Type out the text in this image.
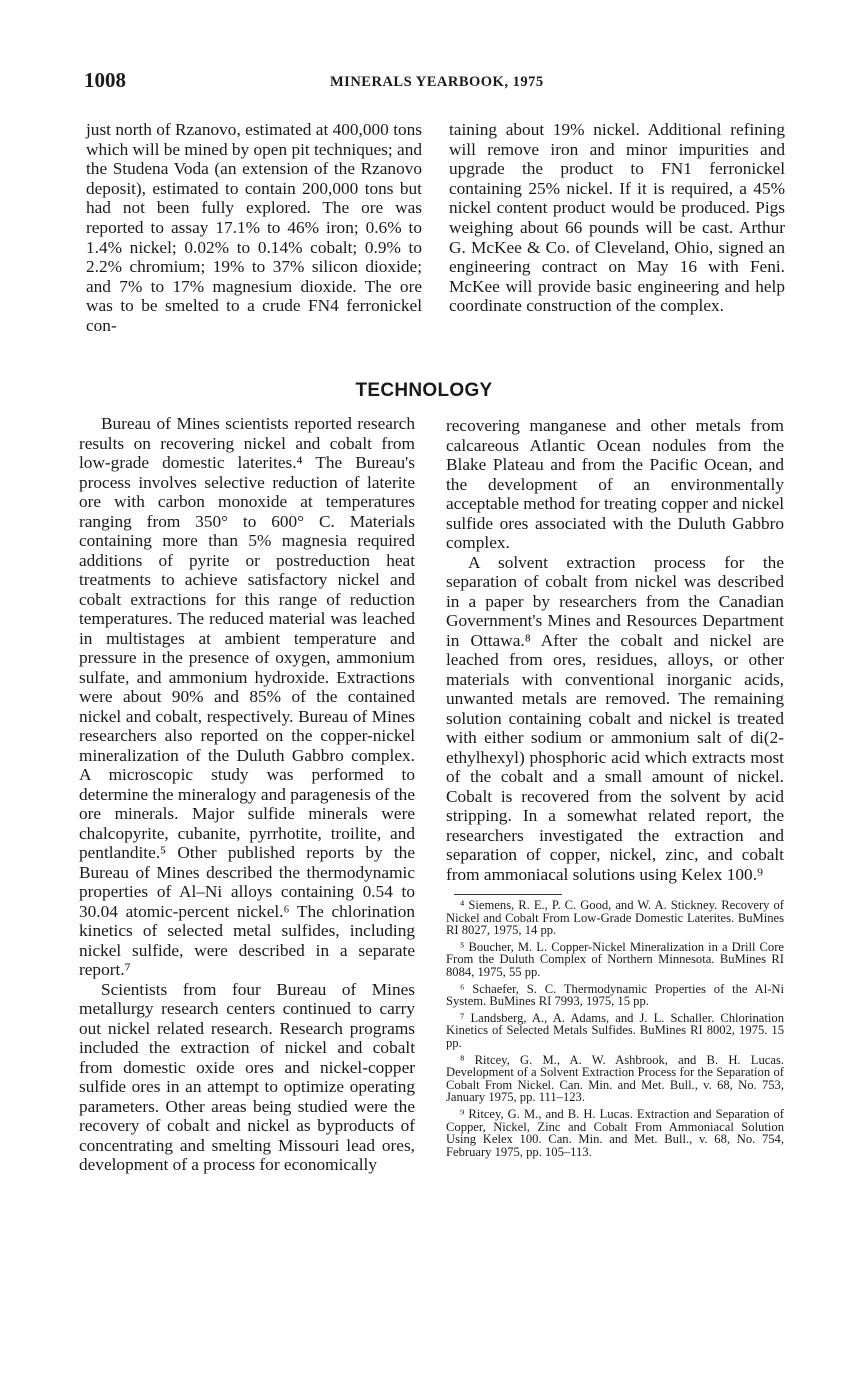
1008	MINERALS YEARBOOK, 1975

just north of Rzanovo, estimated at 400,000 tons which will be mined by open pit techniques; and the Studena Voda (an extension of the Rzanovo deposit), estimated to contain 200,000 tons but had not been fully explored. The ore was reported to assay 17.1% to 46% iron; 0.6% to 1.4% nickel; 0.02% to 0.14% cobalt; 0.9% to 2.2% chromium; 19% to 37% silicon dioxide; and 7% to 17% magnesium dioxide. The ore was to be smelted to a crude FN4 ferronickel con-

taining about 19% nickel. Additional refining will remove iron and minor impurities and upgrade the product to FN1 ferronickel containing 25% nickel. If it is required, a 45% nickel content product would be produced. Pigs weighing about 66 pounds will be cast. Arthur G. McKee & Co. of Cleveland, Ohio, signed an engineering contract on May 16 with Feni. McKee will provide basic engineering and help coordinate construction of the complex.

TECHNOLOGY

Bureau of Mines scientists reported research results on recovering nickel and cobalt from low-grade domestic laterites.⁴ The Bureau's process involves selective reduction of laterite ore with carbon monoxide at temperatures ranging from 350° to 600° C. Materials containing more than 5% magnesia required additions of pyrite or postreduction heat treatments to achieve satisfactory nickel and cobalt extractions for this range of reduction temperatures. The reduced material was leached in multistages at ambient temperature and pressure in the presence of oxygen, ammonium sulfate, and ammonium hydroxide. Extractions were about 90% and 85% of the contained nickel and cobalt, respectively. Bureau of Mines researchers also reported on the copper-nickel mineralization of the Duluth Gabbro complex. A microscopic study was performed to determine the mineralogy and paragenesis of the ore minerals. Major sulfide minerals were chalcopyrite, cubanite, pyrrhotite, troilite, and pentlandite.⁵ Other published reports by the Bureau of Mines described the thermodynamic properties of Al–Ni alloys containing 0.54 to 30.04 atomic-percent nickel.⁶ The chlorination kinetics of selected metal sulfides, including nickel sulfide, were described in a separate report.⁷

Scientists from four Bureau of Mines metallurgy research centers continued to carry out nickel related research. Research programs included the extraction of nickel and cobalt from domestic oxide ores and nickel-copper sulfide ores in an attempt to optimize operating parameters. Other areas being studied were the recovery of cobalt and nickel as byproducts of concentrating and smelting Missouri lead ores, development of a process for economically

recovering manganese and other metals from calcareous Atlantic Ocean nodules from the Blake Plateau and from the Pacific Ocean, and the development of an environmentally acceptable method for treating copper and nickel sulfide ores associated with the Duluth Gabbro complex.

A solvent extraction process for the separation of cobalt from nickel was described in a paper by researchers from the Canadian Government's Mines and Resources Department in Ottawa.⁸ After the cobalt and nickel are leached from ores, residues, alloys, or other materials with conventional inorganic acids, unwanted metals are removed. The remaining solution containing cobalt and nickel is treated with either sodium or ammonium salt of di(2-ethylhexyl) phosphoric acid which extracts most of the cobalt and a small amount of nickel. Cobalt is recovered from the solvent by acid stripping. In a somewhat related report, the researchers investigated the extraction and separation of copper, nickel, zinc, and cobalt from ammoniacal solutions using Kelex 100.⁹

⁴ Siemens, R. E., P. C. Good, and W. A. Stickney. Recovery of Nickel and Cobalt From Low-Grade Domestic Laterites. BuMines RI 8027, 1975, 14 pp.

⁵ Boucher, M. L. Copper-Nickel Mineralization in a Drill Core From the Duluth Complex of Northern Minnesota. BuMines RI 8084, 1975, 55 pp.

⁶ Schaefer, S. C. Thermodynamic Properties of the Al-Ni System. BuMines RI 7993, 1975, 15 pp.

⁷ Landsberg, A., A. Adams, and J. L. Schaller. Chlorination Kinetics of Selected Metals Sulfides. BuMines RI 8002, 1975. 15 pp.

⁸ Ritcey, G. M., A. W. Ashbrook, and B. H. Lucas. Development of a Solvent Extraction Process for the Separation of Cobalt From Nickel. Can. Min. and Met. Bull., v. 68, No. 753, January 1975, pp. 111–123.

⁹ Ritcey, G. M., and B. H. Lucas. Extraction and Separation of Copper, Nickel, Zinc and Cobalt From Ammoniacal Solution Using Kelex 100. Can. Min. and Met. Bull., v. 68, No. 754, February 1975, pp. 105–113.
